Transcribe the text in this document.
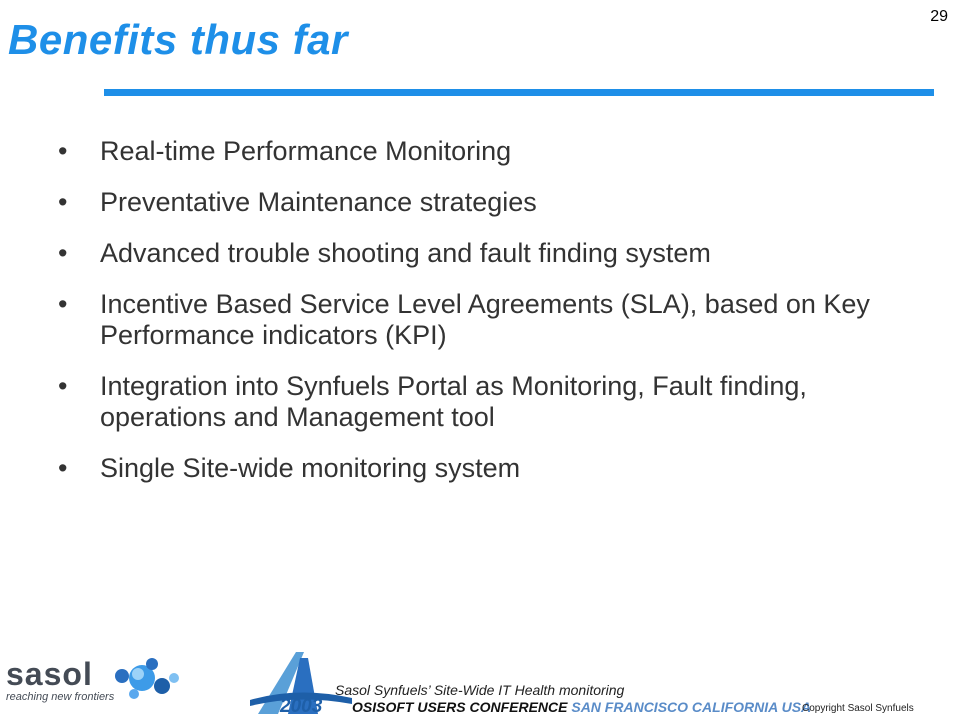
Benefits thus far	29
•	Real-time Performance Monitoring
•	Preventative Maintenance strategies
•	Advanced trouble shooting and fault finding system
•	Incentive Based Service Level Agreements (SLA), based on Key Performance indicators (KPI)
•	Integration into Synfuels Portal as Monitoring, Fault finding, operations and Management tool
•	Single Site-wide monitoring system
sasol
reaching new frontiers	2003 OSISOFT USERS CONFERENCE SAN FRANCISCO CALIFORNIA USA
Sasol Synfuels’ Site-Wide IT Health monitoring
Copyright Sasol Synfuels
